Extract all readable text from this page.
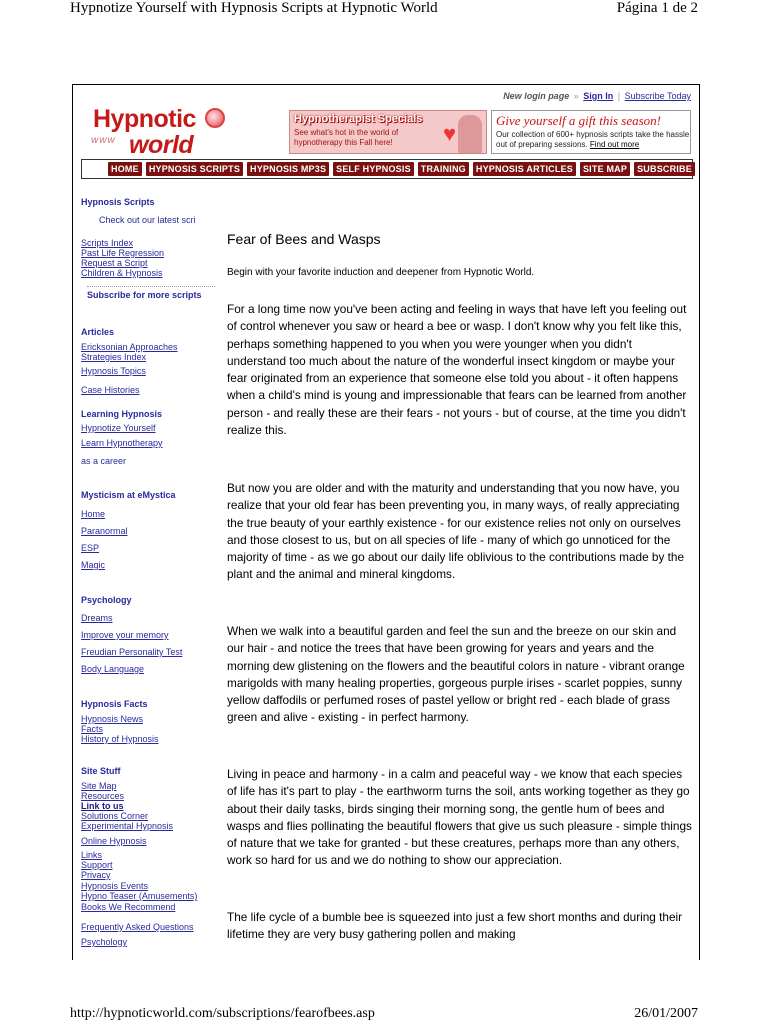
Hypnotize Yourself with Hypnosis Scripts at Hypnotic World	Página 1 de 2
New login page » Sign In | Subscribe Today
Hypnotic
www world
Hypnotherapist Specials
See what's hot in the world of hypnotherapy this Fall here!	♥
Give yourself a gift this season!
Our collection of 600+ hypnosis scripts take the hassle out of preparing sessions. Find out more
HOME	HYPNOSIS SCRIPTS	HYPNOSIS MP3S	SELF HYPNOSIS	TRAINING	HYPNOSIS ARTICLES	SITE MAP	SUBSCRIBE
Hypnosis Scripts
Check out our latest scri
Scripts Index
Past Life Regression
Request a Script
Children & Hypnosis
Subscribe for more scripts
Articles
Ericksonian Approaches
Strategies Index
Hypnosis Topics
Case Histories
Learning Hypnosis
Hypnotize Yourself
Learn Hypnotherapy
as a career
Mysticism at eMystica
Home
Paranormal
ESP
Magic
Psychology
Dreams
Improve your memory
Freudian Personality Test
Body Language
Hypnosis Facts
Hypnosis News
Facts
History of Hypnosis
Site Stuff
Site Map
Resources
Link to us
Solutions Corner
Experimental Hypnosis
Online Hypnosis
Links
Support
Privacy
Hypnosis Events
Hypno Teaser (Amusements)
Books We Recommend
Frequently Asked Questions
Psychology
Fear of Bees and Wasps
Begin with your favorite induction and deepener from Hypnotic World.

For a long time now you've been acting and feeling in ways that have left you feeling out of control whenever you saw or heard a bee or wasp. I don't know why you felt like this, perhaps something happened to you when you were younger when you didn't understand too much about the nature of the wonderful insect kingdom or maybe your fear originated from an experience that someone else told you about - it often happens when a child's mind is young and impressionable that fears can be learned from another person - and really these are their fears - not yours - but of course, at the time you didn't realize this.

But now you are older and with the maturity and understanding that you now have, you realize that your old fear has been preventing you, in many ways, of really appreciating the true beauty of your earthly existence - for our existence relies not only on ourselves and those closest to us, but on all species of life - many of which go unnoticed for the majority of time - as we go about our daily life oblivious to the contributions made by the plant and the animal and mineral kingdoms.

When we walk into a beautiful garden and feel the sun and the breeze on our skin and our hair - and notice the trees that have been growing for years and years and the morning dew glistening on the flowers and the beautiful colors in nature - vibrant orange marigolds with many healing properties, gorgeous purple irises - scarlet poppies, sunny yellow daffodils or perfumed roses of pastel yellow or bright red - each blade of grass green and alive - existing - in perfect harmony.

Living in peace and harmony - in a calm and peaceful way - we know that each species of life has it's part to play - the earthworm turns the soil, ants working together as they go about their daily tasks, birds singing their morning song, the gentle hum of bees and wasps and flies pollinating the beautiful flowers that give us such pleasure - simple things of nature that we take for granted - but these creatures, perhaps more than any others, work so hard for us and we do nothing to show our appreciation.

The life cycle of a bumble bee is squeezed into just a few short months and during their lifetime they are very busy gathering pollen and making

http://hypnoticworld.com/subscriptions/fearofbees.asp	26/01/2007
